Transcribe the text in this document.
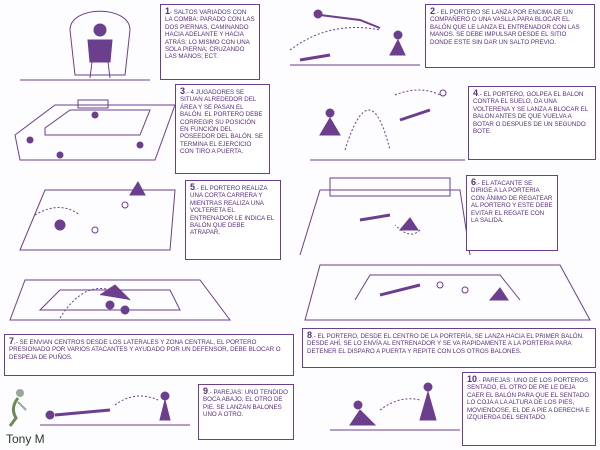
1- SALTOS VARIADOS CON LA COMBA: PARADO CON LAS DOS PIERNAS, CAMINANDO HACIA ADELANTE Y HACIA ATRÁS; LO MISMO CON UNA SOLA PIERNA; CRUZANDO LAS MANOS; ECT.
2.- EL PORTERO SE LANZA POR ENCIMA DE UN COMPAÑERO O UNA VASLLA PARA BLOCAR EL BALÓN QUE LE LANZA EL ENTRENADOR CON LAS MANOS. SE DEBE IMPULSAR DESDE EL SITIO DONDE ESTE SIN DAR UN SALTO PREVIO.
3.- 4 JUGADORES SE SITUAN ALREDEDOR DEL ÁREA Y SE PASAN EL BALÓN. EL PORTERO DEBE CORREGIR SU POSICIÓN EN FUNCIÓN DEL POSEEDOR DEL BALÓN. SE TERMINA EL EJERCICIO CON TIRO A PUERTA.
4.- EL PORTERO, GOLPEA EL BALON CONTRA EL SUELO, DA UNA VOLTERENA Y SE LANZA A BLOCAR EL BALON ANTES DE QUE VUELVA A BOTAR O DESPUES DE UN SEGUNDO BOTE.
5.- EL PORTERO REALIZA UNA CORTA CARRERA Y MIENTRAS REALIZA UNA VOLTERETA EL ENTRENADOR LE INDICA EL BALÓN QUE DEBE ATRAPAR.
6.- EL ATACANTE SE DIRIGE A LA PORTERIA CON ÁNIMO DE REGATEAR AL PORTERO Y ESTE DEBE EVITAR EL REGATE CON LA SALIDA.
7.- SE ENVIAN CENTROS DESDE LOS LATERALES Y ZONA CENTRAL, EL PORTERO PRESIONADO POR VARIOS ATACANTES Y AYUDADO POR UN DEFENSOR, DEBE BLOCAR O DESPEJA DE PUÑOS.
8.- EL PORTERO, DESDE EL CENTRO DE LA PORTERÍA, SE LANZA HACIA EL PRIMER BALÓN. DESDE AHÍ, SE LO ENVÍA AL ENTRENADOR Y SE VA RAPIDAMENTE A LA PORTERIA PARA DETENER EL DISPARO A PUERTA Y REPITE CON LOS OTROS BALONES.
9.- PAREJAS: UNO TENDIDO BOCA ABAJO, EL OTRO DE PIE. SE LANZAN BALONES UNO A OTRO.
10.- PAREJAS: UNO DE LOS PORTEROS SENTADO, EL OTRO DE PIE LE DEJA CAER EL BALÓN PARA QUE EL SENTADO LO COJA A LA ALTURA DE LOS PIES, MOVIENDOSE, EL DE A PIE A DERECHA E IZQUIERDA DEL SENTADO.
Tony M
